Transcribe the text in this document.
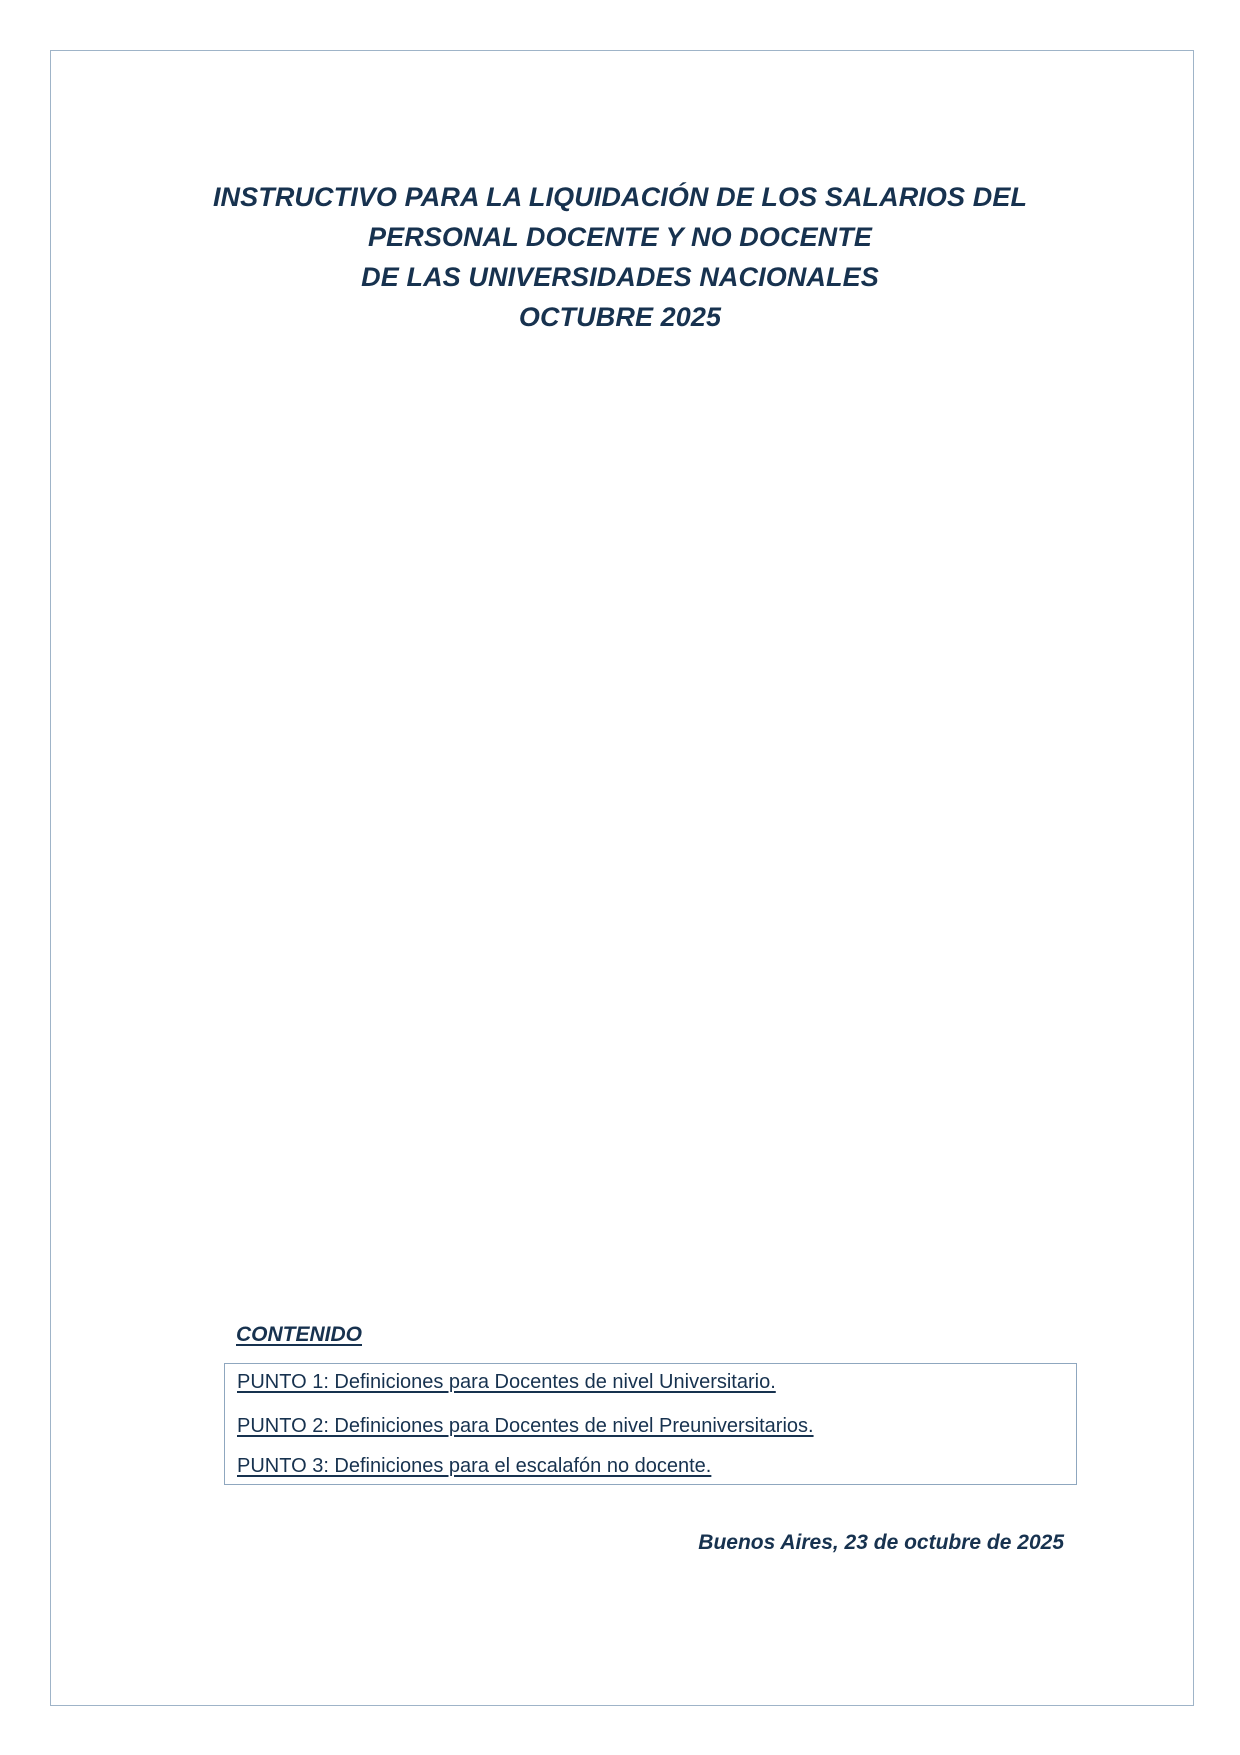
INSTRUCTIVO PARA LA LIQUIDACIÓN DE LOS SALARIOS DEL
PERSONAL DOCENTE Y NO DOCENTE
DE LAS UNIVERSIDADES NACIONALES
OCTUBRE 2025
CONTENIDO
PUNTO 1: Definiciones para Docentes de nivel Universitario.
PUNTO 2: Definiciones para Docentes de nivel Preuniversitarios.
PUNTO 3: Definiciones para el escalafón no docente.
Buenos Aires, 23 de octubre de 2025
